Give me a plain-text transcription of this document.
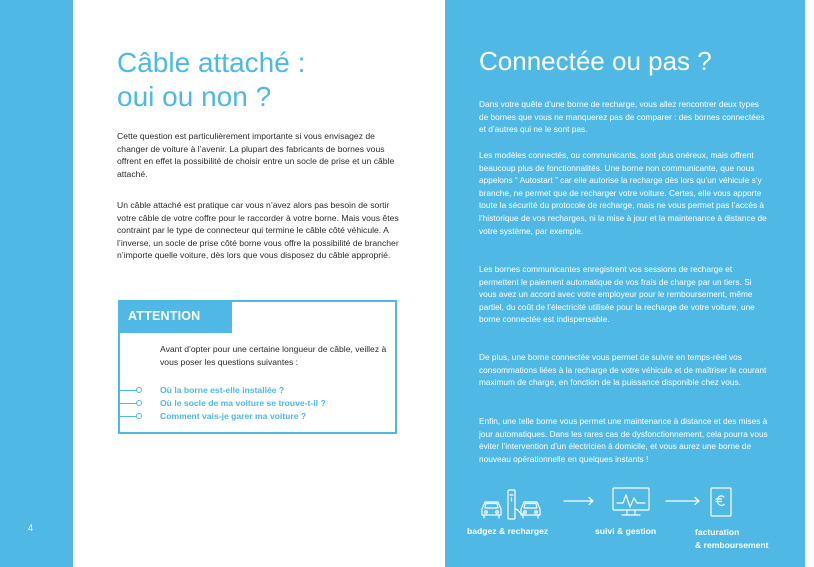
4
Câble attaché :
oui ou non ?

Cette question est particulièrement importante si vous envisagez de changer de voiture à l’avenir. La plupart des fabricants de bornes vous offrent en effet la possibilité de choisir entre un socle de prise et un câble attaché.

Un câble attaché est pratique car vous n’avez alors pas besoin de sortir votre câble de votre coffre pour le raccorder à votre borne. Mais vous êtes contraint par le type de connecteur qui termine le câble côté véhicule. A l’inverse, un socle de prise côté borne vous offre la possibilité de brancher n’importe quelle voiture, dès lors que vous disposez du câble approprié.

ATTENTION

Avant d’opter pour une certaine longueur de câble, veillez à vous poser les questions suivantes :

Où la borne est-elle installée ?
Où le socle de ma voiture se trouve-t-il ?
Comment vais-je garer ma voiture ?
Connectée ou pas ?

Dans votre quête d’une borne de recharge, vous allez rencontrer deux types de bornes que vous ne manquerez pas de comparer : des bornes connectées et d’autres qui ne le sont pas.

Les modèles connectés, ou communicants, sont plus onéreux, mais offrent beaucoup plus de fonctionnalités. Une borne non communicante, que nous appelons “ Autostart ” car elle autorise la recharge dès lors qu’un véhicule s’y branche, ne permet que de recharger votre voiture. Certes, elle vous apporte toute la sécurité du protocole de recharge, mais ne vous permet pas l’accès à l’historique de vos recharges, ni la mise à jour et la maintenance à distance de votre système, par exemple.

Les bornes communicantes enregistrent vos sessions de recharge et permettent le paiement automatique de vos frais de charge par un tiers. Si vous avez un accord avec votre employeur pour le remboursement, même partiel, du coût de l’électricité utilisée pour la recharge de votre voiture, une borne connectée est indispensable.

De plus, une borne connectée vous permet de suivre en temps-réel vos consommations liées à la recharge de votre véhicule et de maîtriser le courant maximum de charge, en fonction de la puissance disponible chez vous.

Enfin, une telle borne vous permet une maintenance à distance et des mises à jour automatiques. Dans les rares cas de dysfonctionnement, cela pourra vous éviter l’intervention d’un électricien à domicile, et vous aurez une borne de nouveau opérationnelle en quelques instants !

badgez & rechargez	suivi & gestion	facturation
& remboursement
